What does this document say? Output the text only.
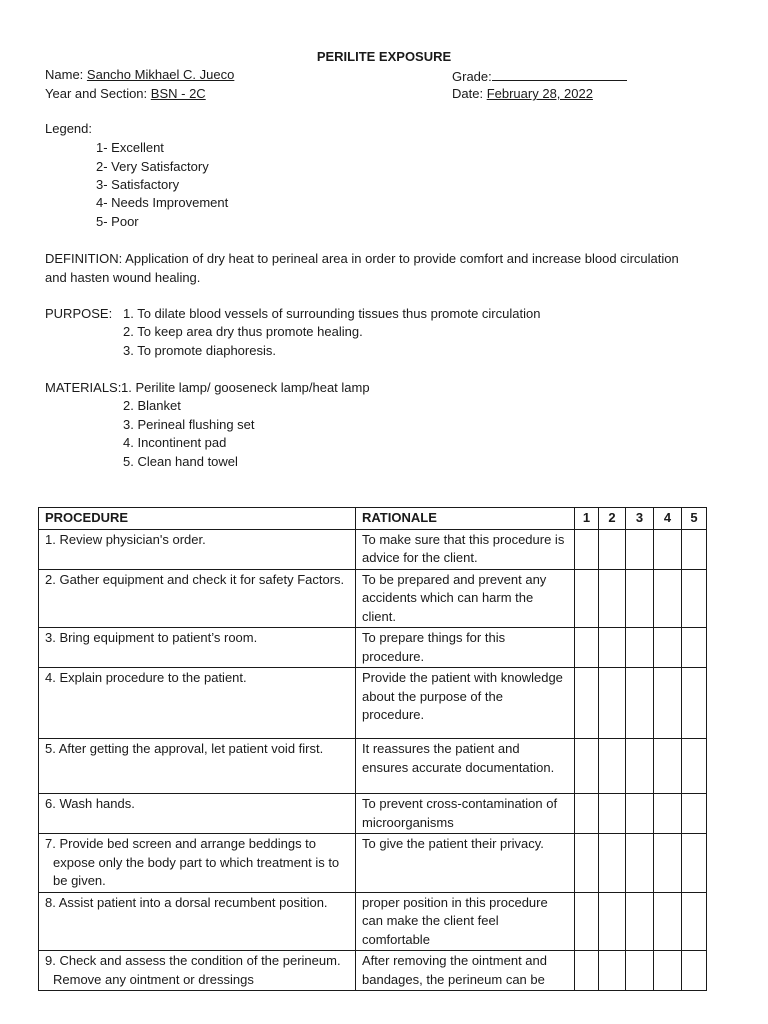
PERILITE EXPOSURE
Name: Sancho Mikhael C. Jueco	Grade:
Year and Section: BSN - 2C	Date: February 28, 2022
Legend:
1- Excellent
2- Very Satisfactory
3- Satisfactory
4- Needs Improvement
5- Poor
DEFINITION: Application of dry heat to perineal area in order to provide comfort and increase blood circulation
and hasten wound healing.
PURPOSE: 1. To dilate blood vessels of surrounding tissues thus promote circulation
2. To keep area dry thus promote healing.
3. To promote diaphoresis.
MATERIALS: 1. Perilite lamp/ gooseneck lamp/heat lamp
2. Blanket
3. Perineal flushing set
4. Incontinent pad
5. Clean hand towel
PROCEDURE	RATIONALE	1	2	3	4	5
1. Review physician's order.	To make sure that this procedure is advice for the client.					
2. Gather equipment and check it for safety Factors.	To be prepared and prevent any accidents which can harm the client.					
3. Bring equipment to patient’s room.	To prepare things for this procedure.					
4. Explain procedure to the patient.	Provide the patient with knowledge about the purpose of the procedure.					
5. After getting the approval, let patient void first.	It reassures the patient and ensures accurate documentation.					
6. Wash hands.	To prevent cross-contamination of microorganisms					
7. Provide bed screen and arrange beddings to expose only the body part to which treatment is to be given.	To give the patient their privacy.					
8. Assist patient into a dorsal recumbent position.	proper position in this procedure can make the client feel comfortable					
9. Check and assess the condition of the perineum. Remove any ointment or dressings	After removing the ointment and bandages, the perineum can be					
